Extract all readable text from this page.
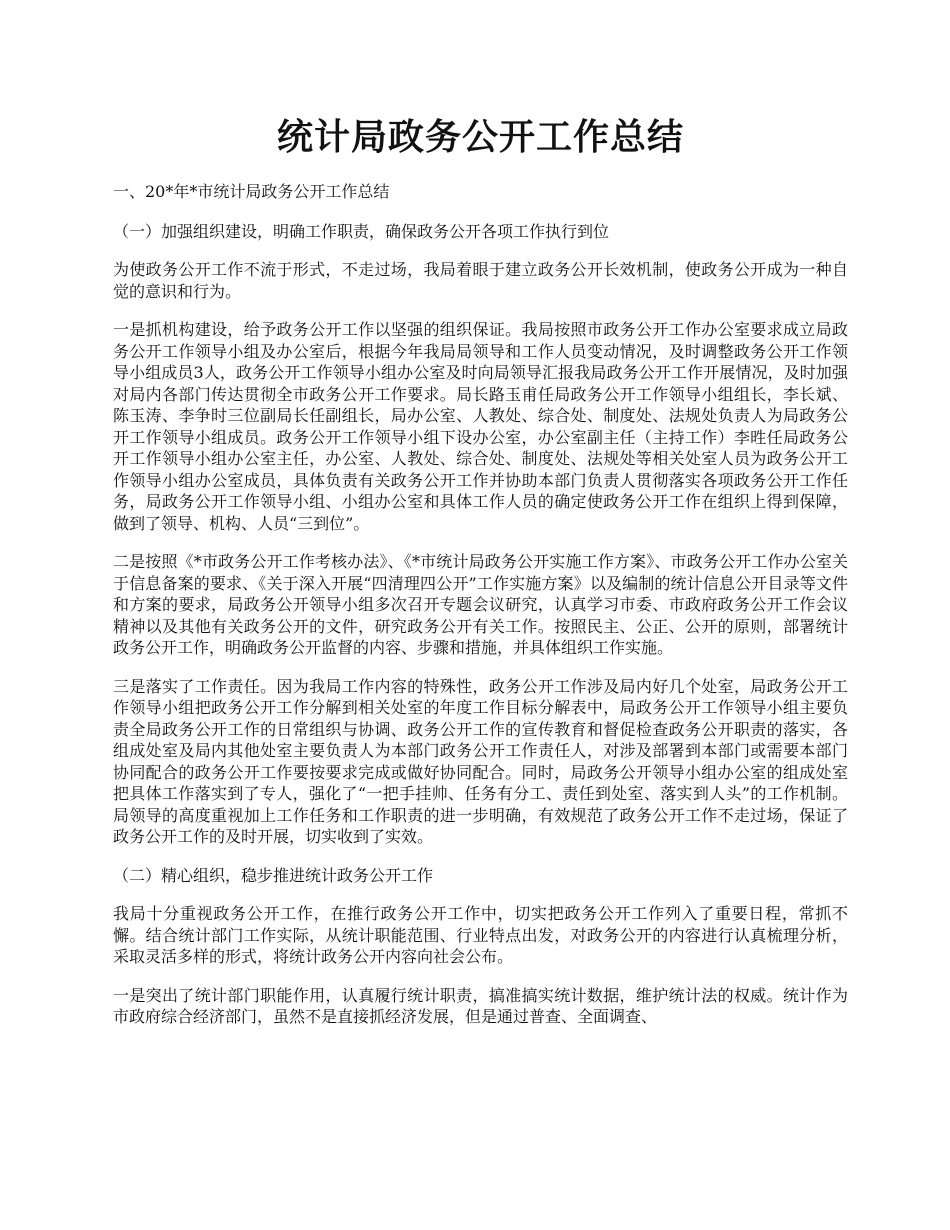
统计局政务公开工作总结

一、20*年*市统计局政务公开工作总结

（一）加强组织建设，明确工作职责，确保政务公开各项工作执行到位

为使政务公开工作不流于形式，不走过场，我局着眼于建立政务公开长效机制，使政务公开成为一种自觉的意识和行为。

一是抓机构建设，给予政务公开工作以坚强的组织保证。我局按照市政务公开工作办公室要求成立局政务公开工作领导小组及办公室后，根据今年我局局领导和工作人员变动情况，及时调整政务公开工作领导小组成员3人，政务公开工作领导小组办公室及时向局领导汇报我局政务公开工作开展情况，及时加强对局内各部门传达贯彻全市政务公开工作要求。局长路玉甫任局政务公开工作领导小组组长，李长斌、陈玉涛、李争时三位副局长任副组长，局办公室、人教处、综合处、制度处、法规处负责人为局政务公开工作领导小组成员。政务公开工作领导小组下设办公室，办公室副主任（主持工作）李甠任局政务公开工作领导小组办公室主任，办公室、人教处、综合处、制度处、法规处等相关处室人员为政务公开工作领导小组办公室成员，具体负责有关政务公开工作并协助本部门负责人贯彻落实各项政务公开工作任务，局政务公开工作领导小组、小组办公室和具体工作人员的确定使政务公开工作在组织上得到保障，做到了领导、机构、人员“三到位”。

二是按照《*市政务公开工作考核办法》、《*市统计局政务公开实施工作方案》、市政务公开工作办公室关于信息备案的要求、《关于深入开展“四清理四公开”工作实施方案》以及编制的统计信息公开目录等文件和方案的要求，局政务公开领导小组多次召开专题会议研究，认真学习市委、市政府政务公开工作会议精神以及其他有关政务公开的文件，研究政务公开有关工作。按照民主、公正、公开的原则，部署统计政务公开工作，明确政务公开监督的内容、步骤和措施，并具体组织工作实施。

三是落实了工作责任。因为我局工作内容的特殊性，政务公开工作涉及局内好几个处室，局政务公开工作领导小组把政务公开工作分解到相关处室的年度工作目标分解表中，局政务公开工作领导小组主要负责全局政务公开工作的日常组织与协调、政务公开工作的宣传教育和督促检查政务公开职责的落实，各组成处室及局内其他处室主要负责人为本部门政务公开工作责任人，对涉及部署到本部门或需要本部门协同配合的政务公开工作要按要求完成或做好协同配合。同时，局政务公开领导小组办公室的组成处室把具体工作落实到了专人，强化了“一把手挂帅、任务有分工、责任到处室、落实到人头”的工作机制。局领导的高度重视加上工作任务和工作职责的进一步明确，有效规范了政务公开工作不走过场，保证了政务公开工作的及时开展，切实收到了实效。

（二）精心组织，稳步推进统计政务公开工作

我局十分重视政务公开工作，在推行政务公开工作中，切实把政务公开工作列入了重要日程，常抓不懈。结合统计部门工作实际，从统计职能范围、行业特点出发，对政务公开的内容进行认真梳理分析，采取灵活多样的形式，将统计政务公开内容向社会公布。

一是突出了统计部门职能作用，认真履行统计职责，搞准搞实统计数据，维护统计法的权威。统计作为市政府综合经济部门，虽然不是直接抓经济发展，但是通过普查、全面调查、
